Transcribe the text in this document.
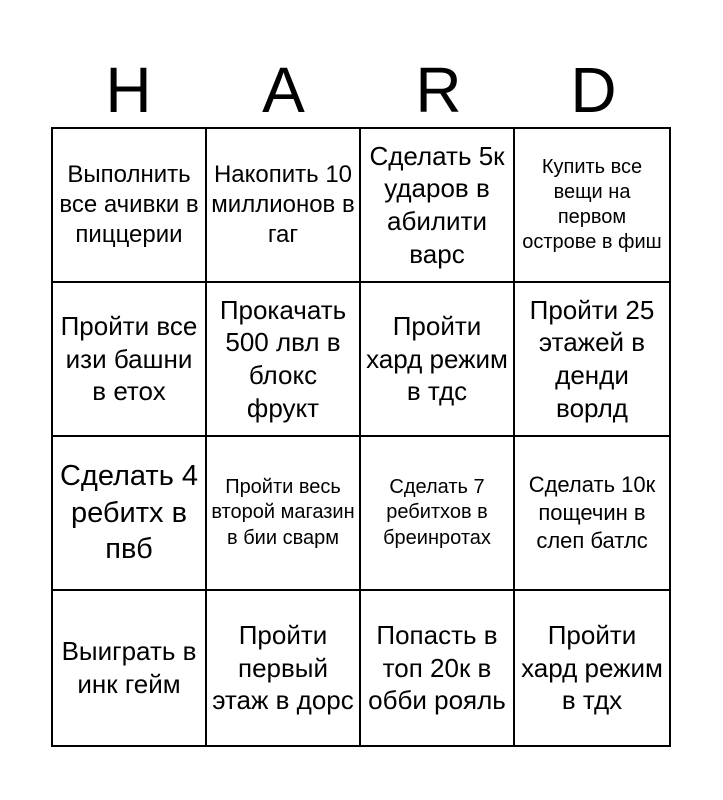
H	A	R	D
Выполнить все ачивки в пиццерии
Накопить 10 миллионов в гаг
Сделать 5к ударов в абилити варс
Купить все вещи на первом острове в фиш
Пройти все изи башни в етох
Прокачать 500 лвл в блокс фрукт
Пройти хард режим в тдс
Пройти 25 этажей в денди ворлд
Сделать 4 ребитх в пвб
Пройти весь второй магазин в бии сварм
Сделать 7 ребитхов в бреинротах
Сделать 10к пощечин в слеп батлс
Выиграть в инк гейм
Пройти первый этаж в дорс
Попасть в топ 20к в обби рояль
Пройти хард режим в тдх
